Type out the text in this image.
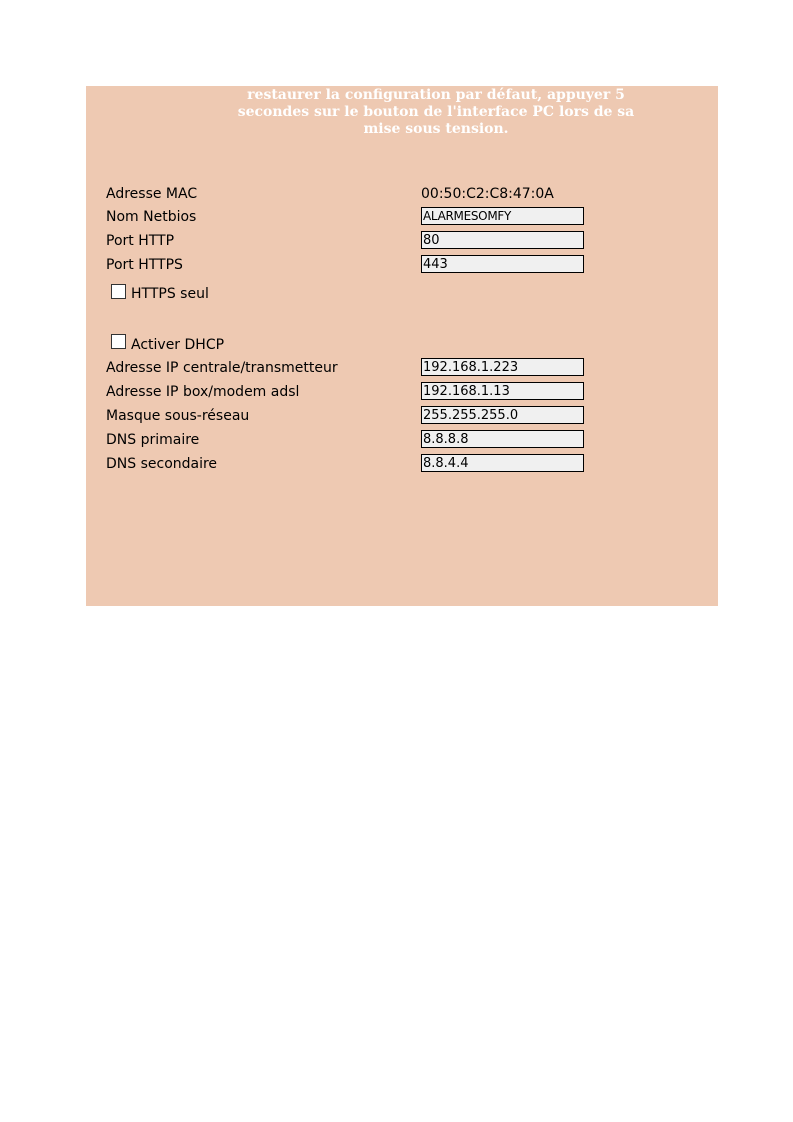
restaurer la configuration par défaut, appuyer 5
secondes sur le bouton de l'interface PC lors de sa
mise sous tension.
Adresse MAC	00:50:C2:C8:47:0A
Nom Netbios
ALARMESOMFY
Port HTTP
80
Port HTTPS
443
HTTPS seul
Activer DHCP
Adresse IP centrale/transmetteur
192.168.1.223
Adresse IP box/modem adsl
192.168.1.13
Masque sous-réseau
255.255.255.0
DNS primaire
8.8.8.8
DNS secondaire
8.8.4.4
